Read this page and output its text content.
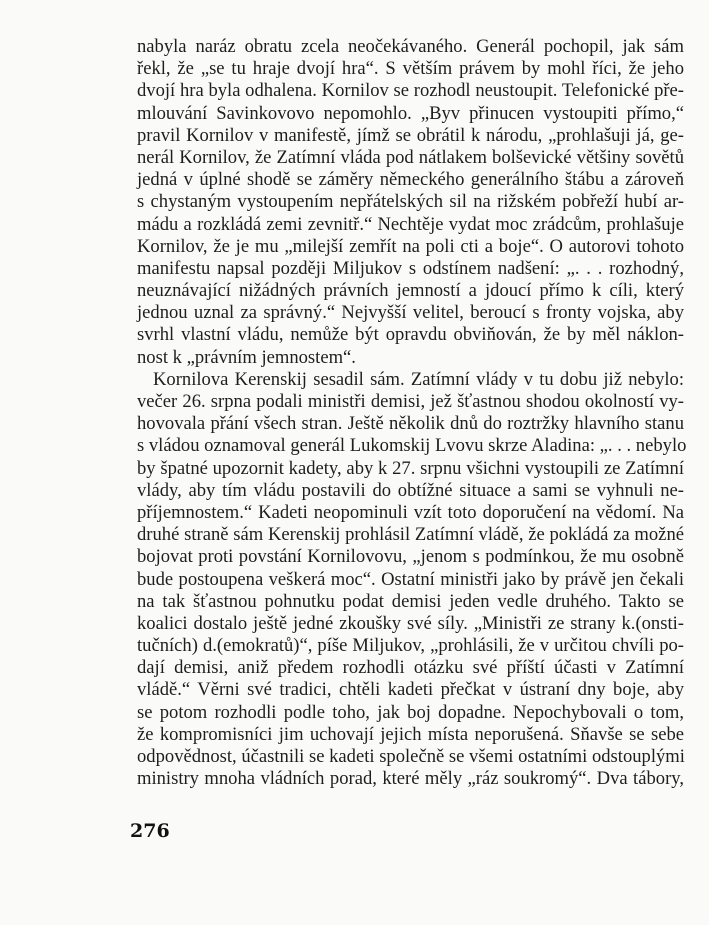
nabyla naráz obratu zcela neočekávaného. Generál pochopil, jak sám
řekl, že „se tu hraje dvojí hra“. S větším právem by mohl říci, že jeho
dvojí hra byla odhalena. Kornilov se rozhodl neustoupit. Telefonické pře-
mlouvání Savinkovovo nepomohlo. „Byv přinucen vystoupiti přímo,“
pravil Kornilov v manifestě, jímž se obrátil k národu, „prohlašuji já, ge-
nerál Kornilov, že Zatímní vláda pod nátlakem bolševické většiny sovětů
jedná v úplné shodě se záměry německého generálního štábu a zároveň
s chystaným vystoupením nepřátelských sil na rižském pobřeží hubí ar-
mádu a rozkládá zemi zevnitř.“ Nechtěje vydat moc zrádcům, prohlašuje
Kornilov, že je mu „milejší zemřít na poli cti a boje“. O autorovi tohoto
manifestu napsal později Miljukov s odstínem nadšení: „. . . rozhodný,
neuznávající nižádných právních jemností a jdoucí přímo k cíli, který
jednou uznal za správný.“ Nejvyšší velitel, beroucí s fronty vojska, aby
svrhl vlastní vládu, nemůže být opravdu obviňován, že by měl náklon-
nost k „právním jemnostem“.
Kornilova Kerenskij sesadil sám. Zatímní vlády v tu dobu již nebylo:
večer 26. srpna podali ministři demisi, jež šťastnou shodou okolností vy-
hovovala přání všech stran. Ještě několik dnů do roztržky hlavního stanu
s vládou oznamoval generál Lukomskij Lvovu skrze Aladina: „. . . nebylo
by špatné upozornit kadety, aby k 27. srpnu všichni vystoupili ze Zatímní
vlády, aby tím vládu postavili do obtížné situace a sami se vyhnuli ne-
příjemnostem.“ Kadeti neopominuli vzít toto doporučení na vědomí. Na
druhé straně sám Kerenskij prohlásil Zatímní vládě, že pokládá za možné
bojovat proti povstání Kornilovovu, „jenom s podmínkou, že mu osobně
bude postoupena veškerá moc“. Ostatní ministři jako by právě jen čekali
na tak šťastnou pohnutku podat demisi jeden vedle druhého. Takto se
koalici dostalo ještě jedné zkoušky své síly. „Ministři ze strany k.(onsti-
tučních) d.(emokratů)“, píše Miljukov, „prohlásili, že v určitou chvíli po-
dají demisi, aniž předem rozhodli otázku své příští účasti v Zatímní
vládě.“ Věrni své tradici, chtěli kadeti přečkat v ústraní dny boje, aby
se potom rozhodli podle toho, jak boj dopadne. Nepochybovali o tom,
že kompromisníci jim uchovají jejich místa neporušená. Sňavše se sebe
odpovědnost, účastnili se kadeti společně se všemi ostatními odstouplými
ministry mnoha vládních porad, které měly „ráz soukromý“. Dva tábory,
276
